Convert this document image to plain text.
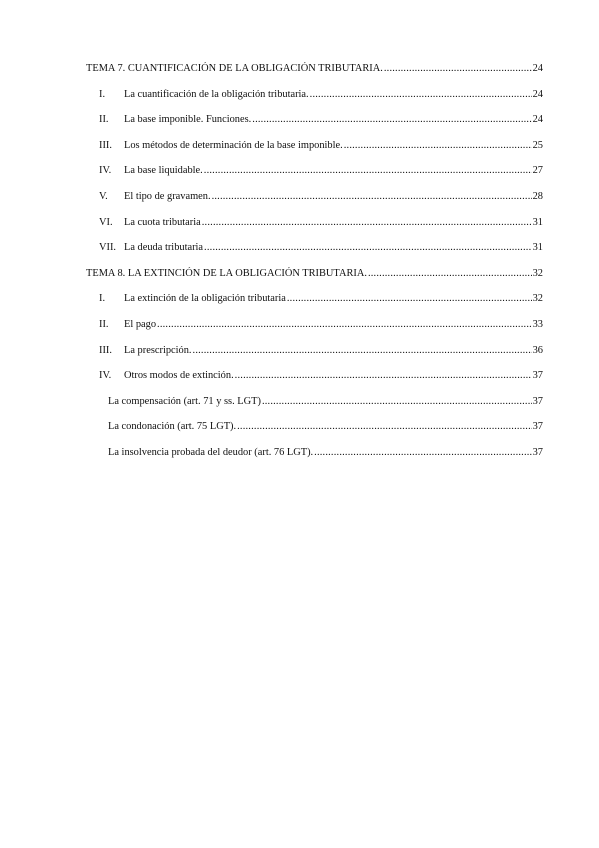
TEMA 7. CUANTIFICACIÓN DE LA OBLIGACIÓN TRIBUTARIA. .....	24
I.	La cuantificación de la obligación tributaria. .....	24
II.	La base imponible. Funciones. .....	24
III.	Los métodos de determinación de la base imponible. .....	25
IV.	La base liquidable. .....	27
V.	El tipo de gravamen. .....	28
VI.	La cuota tributaria .....	31
VII. La deuda tributaria .....	31
TEMA 8. LA EXTINCIÓN DE LA OBLIGACIÓN TRIBUTARIA. .....	32
I.	La extinción de la obligación tributaria .....	32
II.	El pago .....	33
III.	La prescripción. .....	36
IV.	Otros modos de extinción. .....	37
La compensación (art. 71 y ss. LGT) .....	37
La condonación (art. 75 LGT). .....	37
La insolvencia probada del deudor (art. 76 LGT). .....	37
